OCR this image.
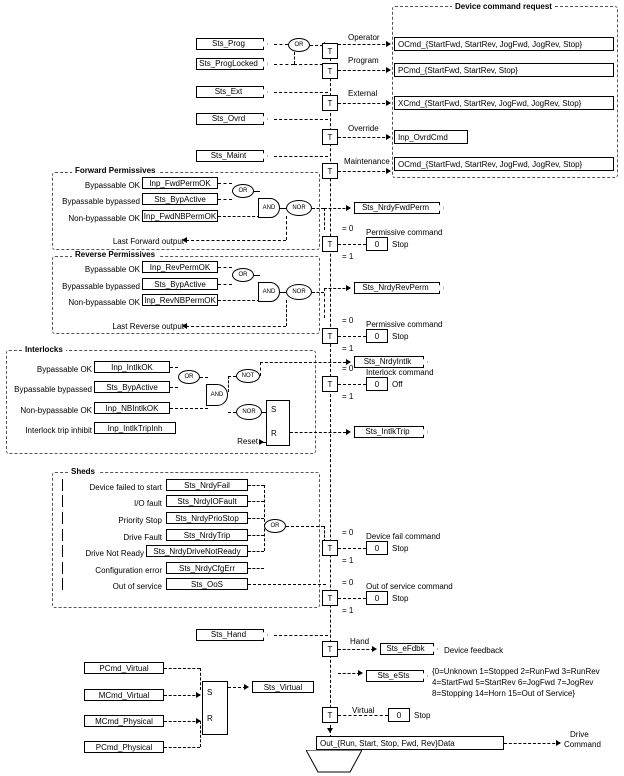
Device command request
Forward Permissives
Reverse Permissives
Interlocks
Sheds
Sts_Prog	OR
T
Operator
OCmd_{StartFwd, StartRev, JogFwd, JogRev, Stop}
Sts_ProgLocked
T
Program
PCmd_{StartFwd, StartRev, Stop}
Sts_Ext
T
External
XCmd_{StartFwd, StartRev, JogFwd, JogRev, Stop}
Sts_Ovrd
T
Override
Inp_OvrdCmd
Sts_Maint
T
Maintenance	OCmd_{StartFwd, StartRev, JogFwd, JogRev, Stop}
Bypassable OK	Inp_FwdPermOK
Bypassable bypassed	Sts_BypActive
Non-bypassable OK Inp_FwdNBPermOK
OR
AND	NOR
Last Forward output
Sts_NrdyFwdPerm
T
= 0
= 1
Permissive command
0	Stop
Bypassable OK	Inp_RevPermOK
Bypassable bypassed	Sts_BypActive
Non-bypassable OK Inp_RevNBPermOK
OR
AND	NOR
Last Reverse output
Sts_NrdyRevPerm
T
= 0
= 1
Permissive command
0	Stop
Bypassable OK	Inp_IntlkOK
Bypassable bypassed	Sts_BypActive
Non-bypassable OK	Inp_NBIntlkOK
Interlock trip inhibit	Inp_IntlkTripInh
OR
AND
NOT
NOR	S
R
Reset
Sts_NrdyIntlk
Sts_IntlkTrip
T
= 0
= 1
Interlock command
0	Off
Device failed to start	Sts_NrdyFail
I/O fault	Sts_NrdyIOFault
Priority Stop	Sts_NrdyPrioStop
Drive Fault	Sts_NrdyTrip
Drive Not Ready	Sts_NrdyDriveNotReady
Configuration error	Sts_NrdyCfgErr
Out of service	Sts_OoS
OR
T
= 0
= 1
Device fail command
0	Stop
T
= 0
= 1
Out of service command
0	Stop
Sts_Hand
T
Hand
Sts_eFdbk	Device feedback
Sts_eSts	{0=Unknown 1=Stopped 2=RunFwd 3=RunRev 4=StartFwd 5=StartRev 6=JogFwd 7=JogRev 8=Stopping 14=Horn 15=Out of Service}
PCmd_Virtual
MCmd_Virtual
MCmd_Physical
PCmd_Physical
S
R
Sts_Virtual
T	Virtual	0	Stop
Out_{Run, Start, Stop, Fwd, Rev}Data
Drive
Command
